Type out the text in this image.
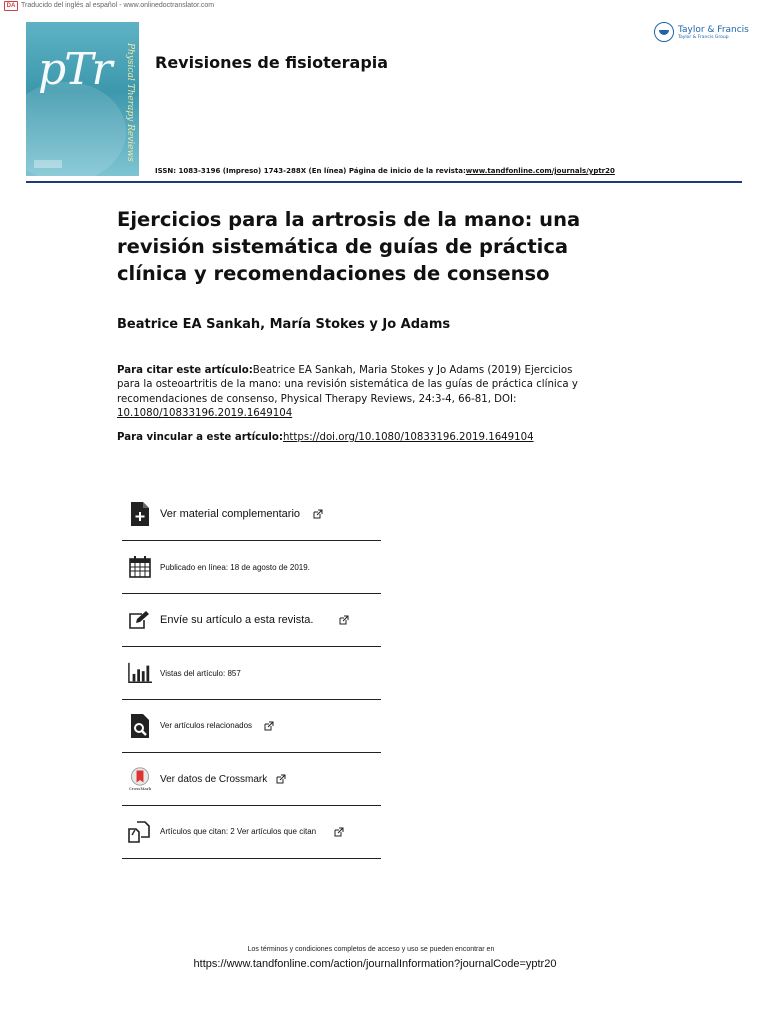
DA Traducido del inglés al español - www.onlinedoctranslator.com
pTr	Physical Therapy Reviews Revisiones de fisioterapia
Taylor & Francis
Taylor & Francis Group
ISSN: 1083-3196 (Impreso) 1743-288X (En línea) Página de inicio de la revista:www.tandfonline.com/journals/yptr20
Ejercicios para la artrosis de la mano: una revisión sistemática de guías de práctica clínica y recomendaciones de consenso
Beatrice EA Sankah, María Stokes y Jo Adams
Para citar este artículo:Beatrice EA Sankah, Maria Stokes y Jo Adams (2019) Ejercicios para la osteoartritis de la mano: una revisión sistemática de las guías de práctica clínica y recomendaciones de consenso, Physical Therapy Reviews, 24:3-4, 66-81, DOI: 10.1080/10833196.2019.1649104
Para vincular a este artículo:https://doi.org/10.1080/10833196.2019.1649104
Ver material complementario
Publicado en línea: 18 de agosto de 2019.
Envíe su artículo a esta revista.
Vistas del artículo: 857
Ver artículos relacionados
CrossMark
Ver datos de Crossmark
Artículos que citan: 2 Ver artículos que citan
Los términos y condiciones completos de acceso y uso se pueden encontrar en
https://www.tandfonline.com/action/journalInformation?journalCode=yptr20
